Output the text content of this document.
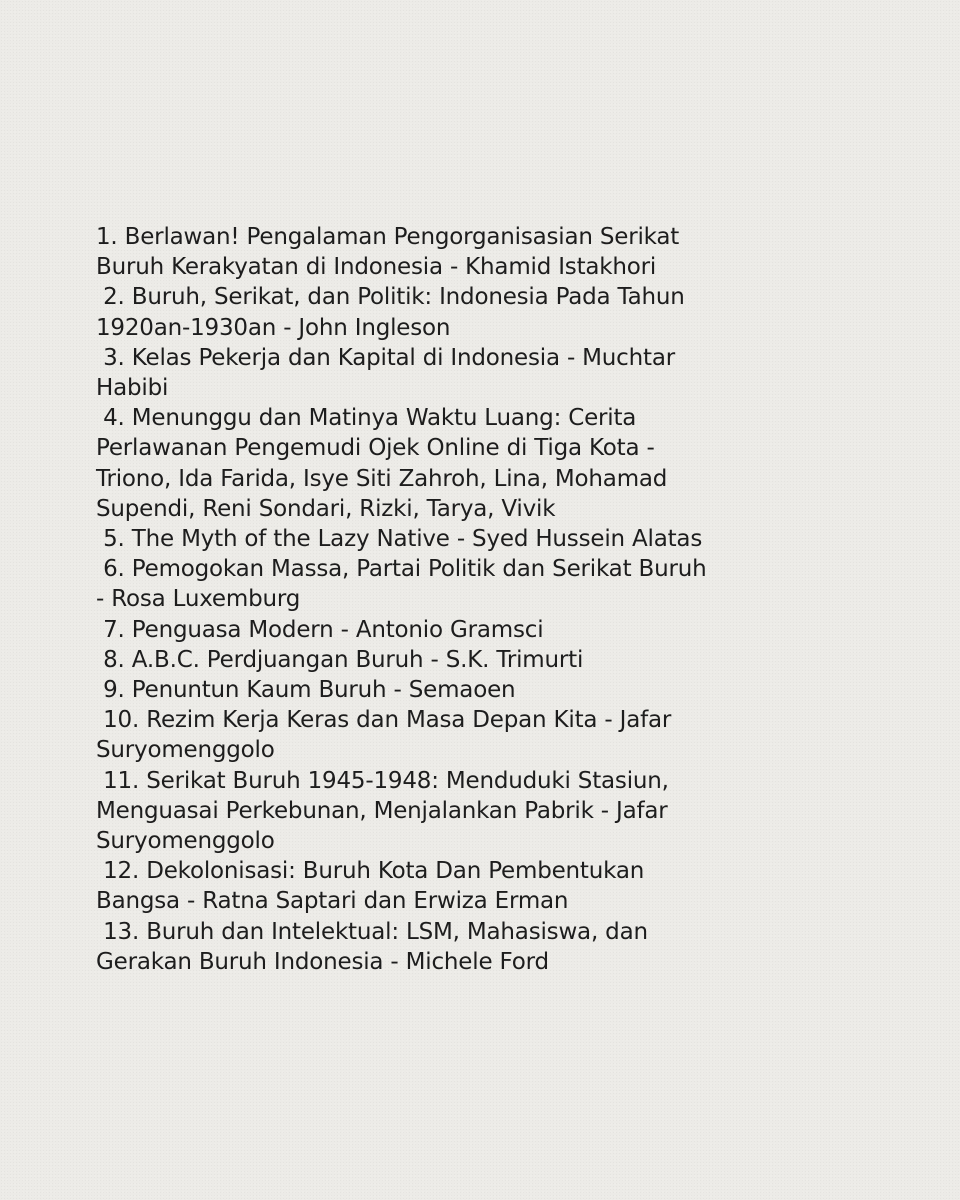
1. Berlawan! Pengalaman Pengorganisasian Serikat
Buruh Kerakyatan di Indonesia - Khamid Istakhori
2. Buruh, Serikat, dan Politik: Indonesia Pada Tahun
1920an-1930an - John Ingleson
3. Kelas Pekerja dan Kapital di Indonesia - Muchtar
Habibi
4. Menunggu dan Matinya Waktu Luang: Cerita
Perlawanan Pengemudi Ojek Online di Tiga Kota -
Triono, Ida Farida, Isye Siti Zahroh, Lina, Mohamad
Supendi, Reni Sondari, Rizki, Tarya, Vivik
5. The Myth of the Lazy Native - Syed Hussein Alatas
6. Pemogokan Massa, Partai Politik dan Serikat Buruh
- Rosa Luxemburg
7. Penguasa Modern - Antonio Gramsci
8. A.B.C. Perdjuangan Buruh - S.K. Trimurti
9. Penuntun Kaum Buruh - Semaoen
10. Rezim Kerja Keras dan Masa Depan Kita - Jafar
Suryomenggolo
11. Serikat Buruh 1945-1948: Menduduki Stasiun,
Menguasai Perkebunan, Menjalankan Pabrik - Jafar
Suryomenggolo
12. Dekolonisasi: Buruh Kota Dan Pembentukan
Bangsa - Ratna Saptari dan Erwiza Erman
13. Buruh dan Intelektual: LSM, Mahasiswa, dan
Gerakan Buruh Indonesia - Michele Ford
